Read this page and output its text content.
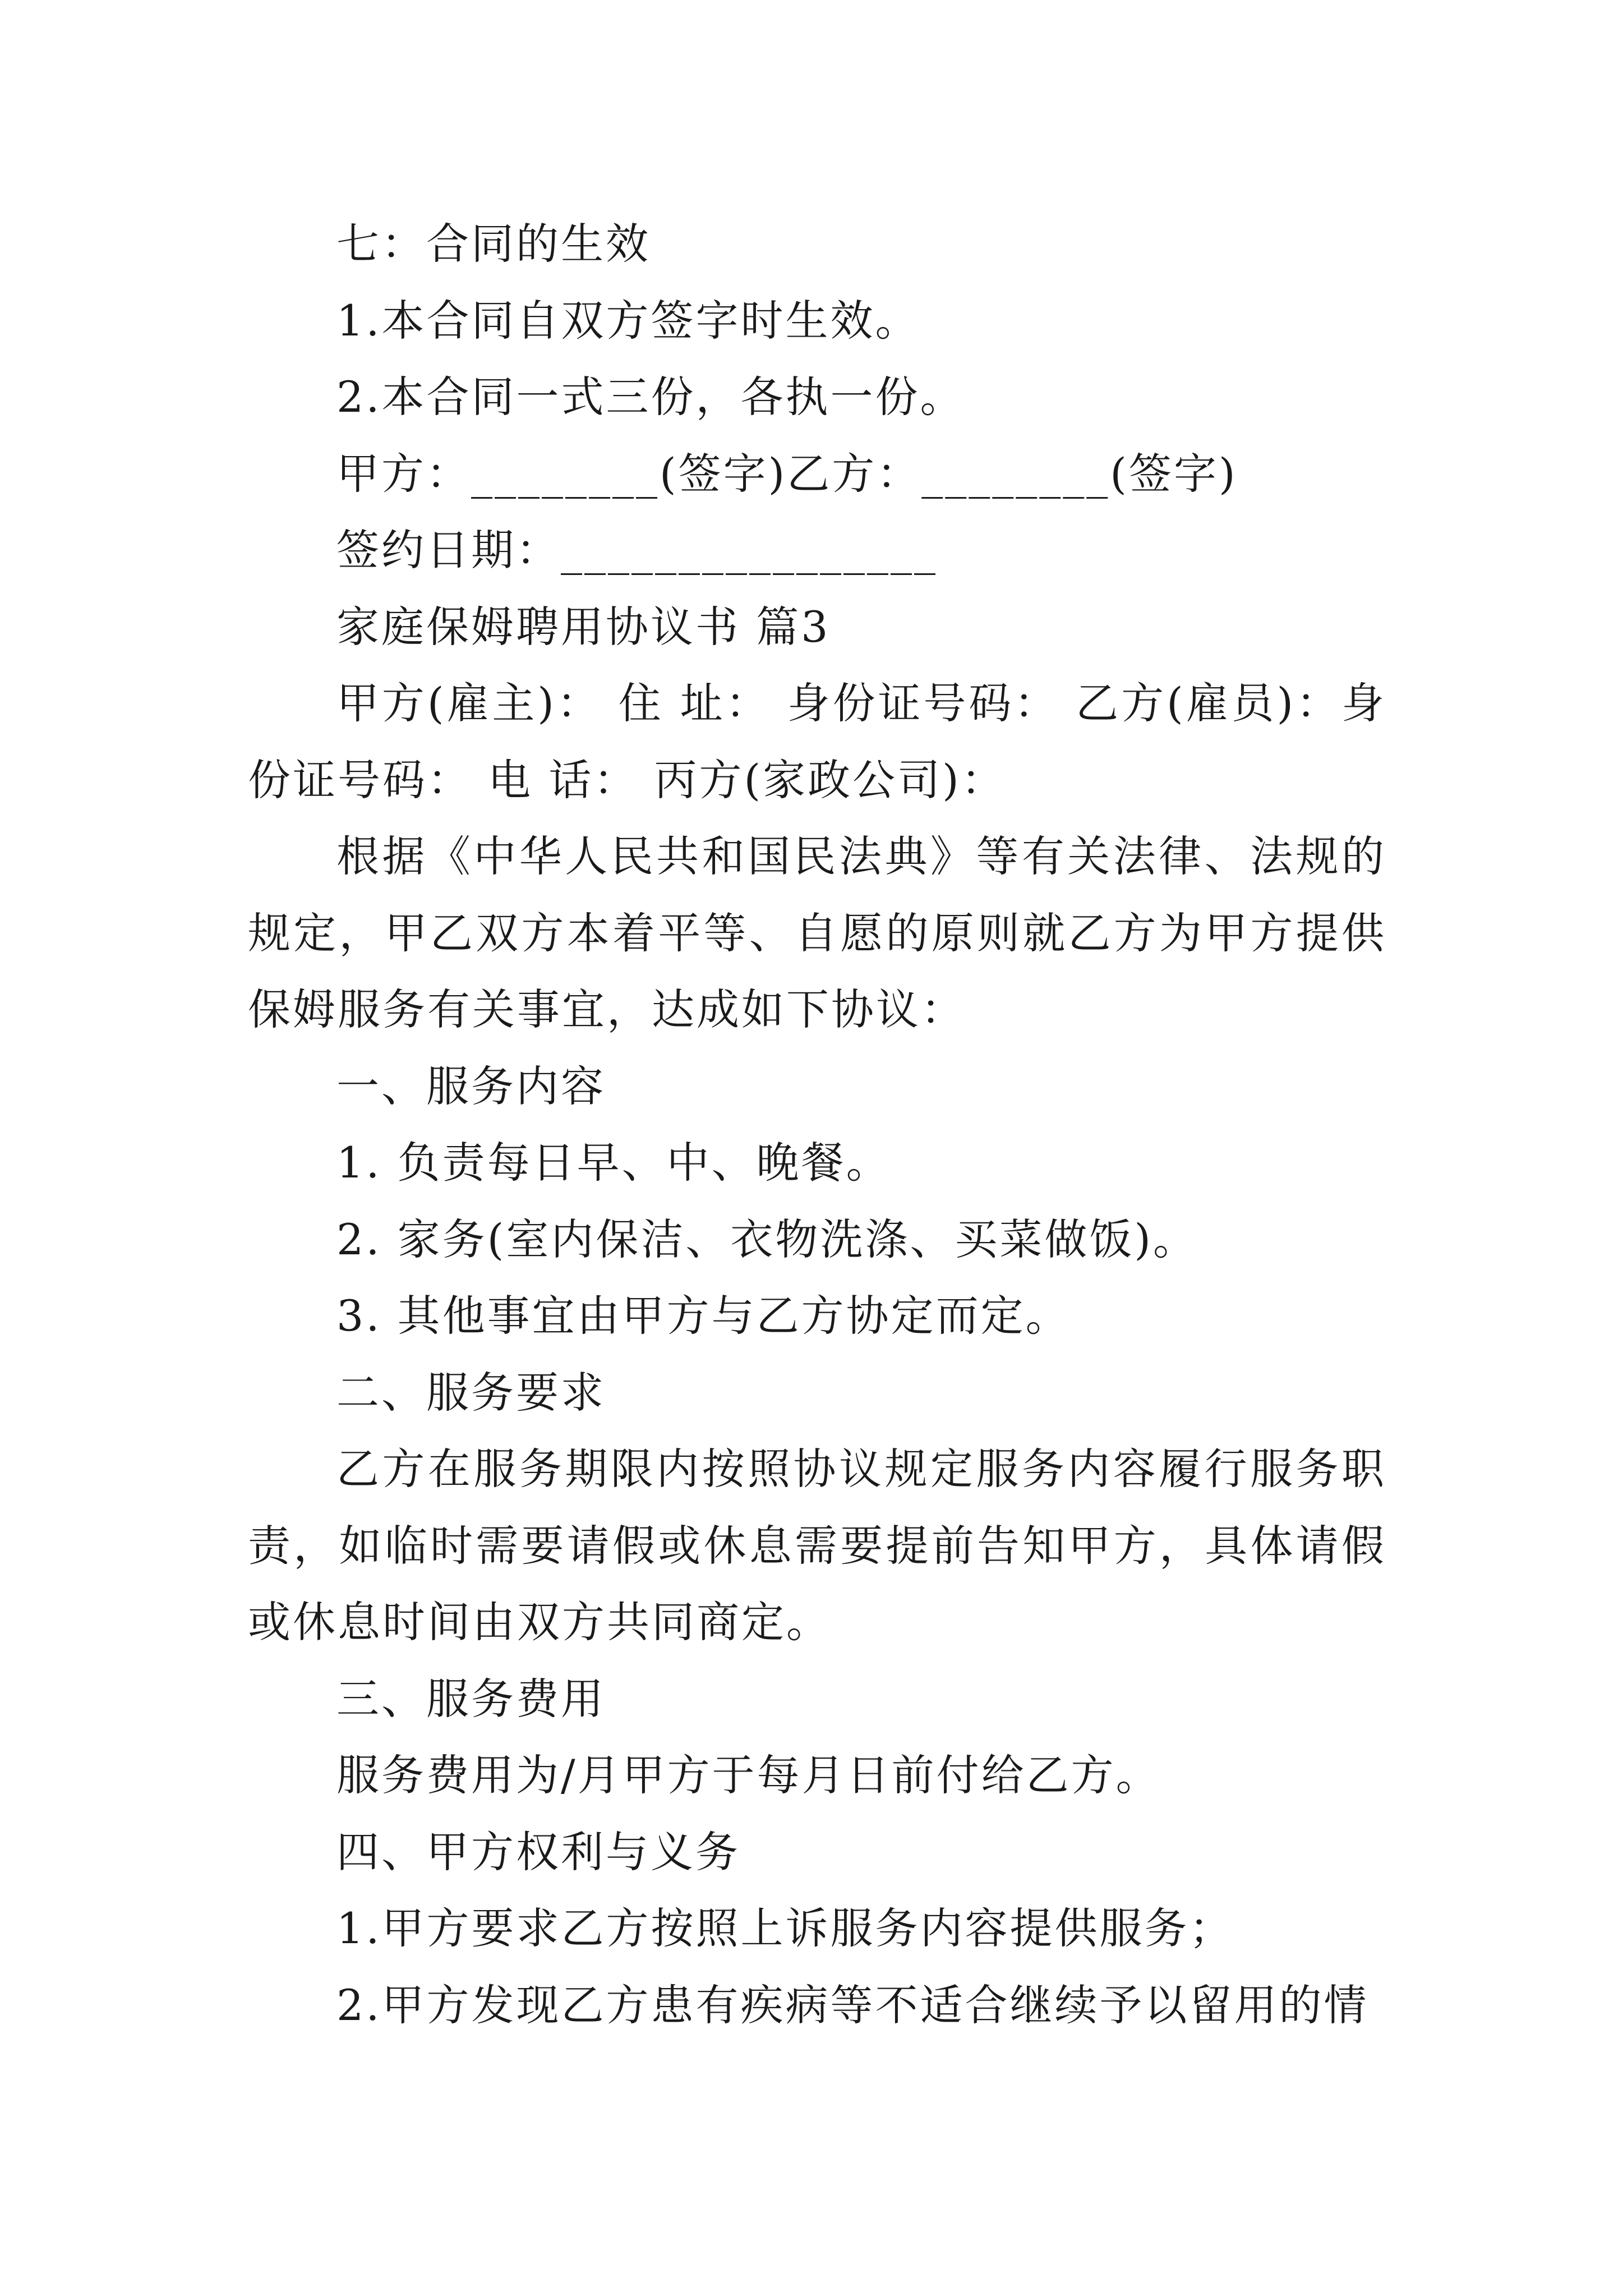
七：合同的生效

1.本合同自双方签字时生效。

2.本合同一式三份，各执一份。

甲方：________(签字)乙方：________(签字)

签约日期：________________

家庭保姆聘用协议书 篇3

甲方(雇主)： 住 址： 身份证号码： 乙方(雇员)：身份证号码： 电 话： 丙方(家政公司)：

根据《中华人民共和国民法典》等有关法律、法规的规定，甲乙双方本着平等、自愿的原则就乙方为甲方提供保姆服务有关事宜，达成如下协议：

一、服务内容

1. 负责每日早、中、晚餐。

2. 家务(室内保洁、衣物洗涤、买菜做饭)。

3. 其他事宜由甲方与乙方协定而定。

二、服务要求

乙方在服务期限内按照协议规定服务内容履行服务职责，如临时需要请假或休息需要提前告知甲方，具体请假或休息时间由双方共同商定。

三、服务费用

服务费用为/月甲方于每月日前付给乙方。

四、甲方权利与义务

1.甲方要求乙方按照上诉服务内容提供服务；

2.甲方发现乙方患有疾病等不适合继续予以留用的情
